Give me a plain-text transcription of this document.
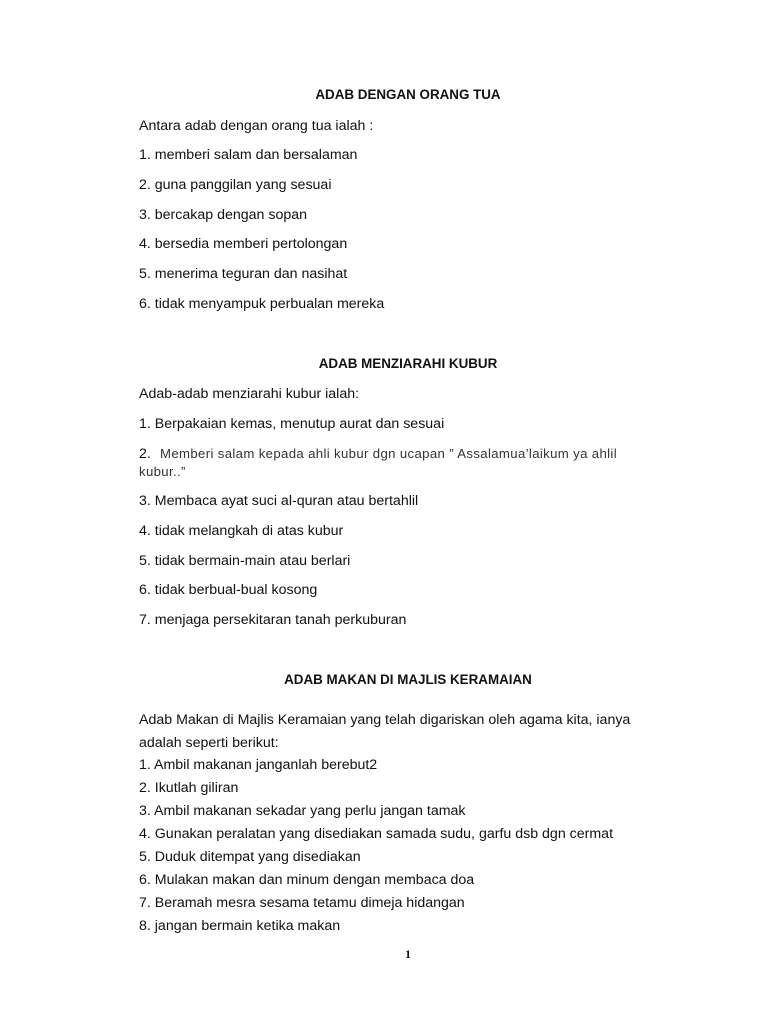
ADAB DENGAN ORANG TUA
Antara adab dengan orang tua ialah :
1. memberi salam dan bersalaman
2. guna panggilan yang sesuai
3. bercakap dengan sopan
4. bersedia memberi pertolongan
5. menerima teguran dan nasihat
6. tidak menyampuk perbualan mereka
ADAB MENZIARAHI KUBUR
Adab-adab menziarahi kubur ialah:
1. Berpakaian kemas, menutup aurat dan sesuai
2. Memberi salam kepada ahli kubur dgn ucapan ” Assalamua’laikum ya ahlil
kubur..”
3. Membaca ayat suci al-quran atau bertahlil
4. tidak melangkah di atas kubur
5. tidak bermain-main atau berlari
6. tidak berbual-bual kosong
7. menjaga persekitaran tanah perkuburan
ADAB MAKAN DI MAJLIS KERAMAIAN
Adab Makan di Majlis Keramaian yang telah digariskan oleh agama kita, ianya
adalah seperti berikut:
1. Ambil makanan janganlah berebut2
2. Ikutlah giliran
3. Ambil makanan sekadar yang perlu jangan tamak
4. Gunakan peralatan yang disediakan samada sudu, garfu dsb dgn cermat
5. Duduk ditempat yang disediakan
6. Mulakan makan dan minum dengan membaca doa
7. Beramah mesra sesama tetamu dimeja hidangan
8. jangan bermain ketika makan
1
